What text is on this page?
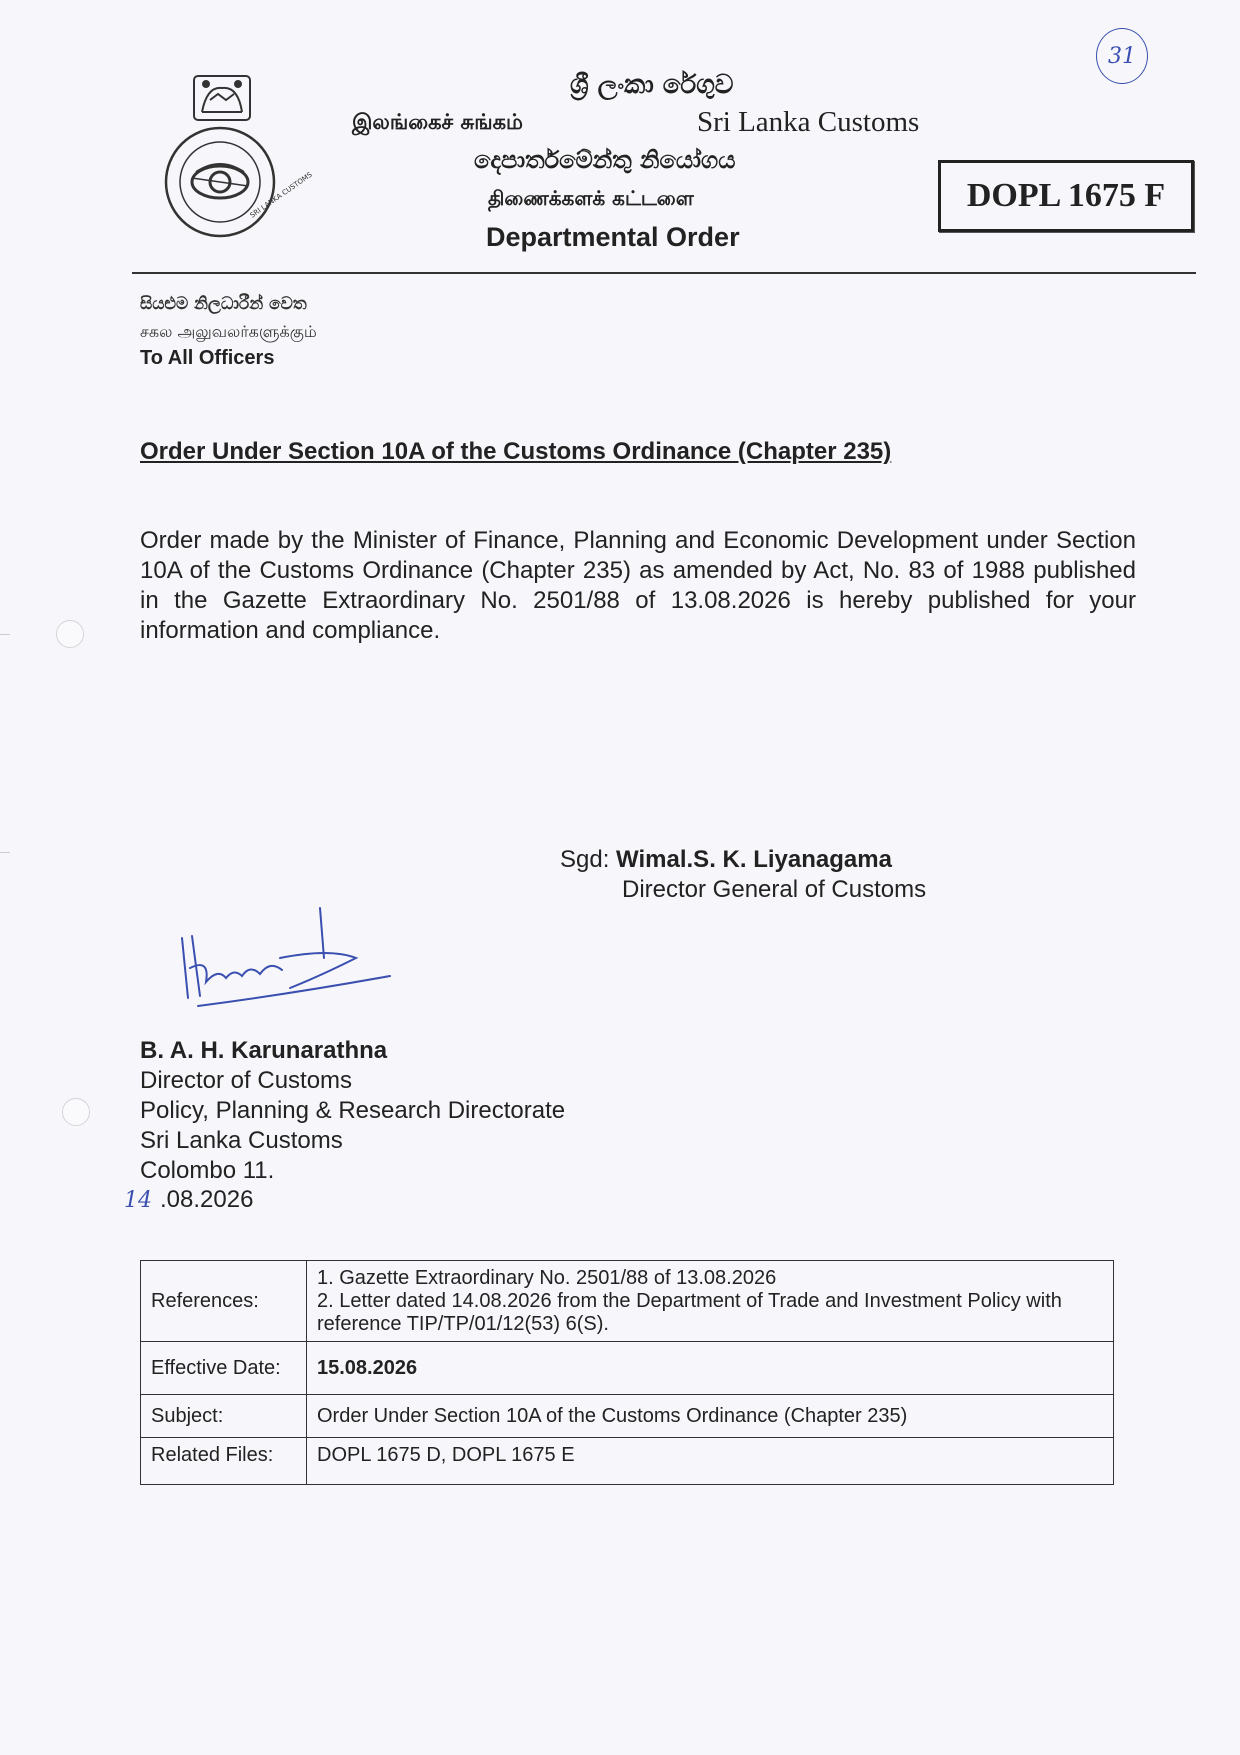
SRI LANKA CUSTOMS
ශ්‍රී ලංකා රේගුව
இலங்கைச் சுங்கம்	Sri Lanka Customs
දෙපාර්තමේන්තු නියෝගය
திணைக்களக் கட்டளை
Departmental Order
DOPL 1675 F
31
සියළුම නිලධාරීන් වෙත
சகல அலுவலர்களுக்கும்
To All Officers
Order Under Section 10A of the Customs Ordinance (Chapter 235)
Order made by the Minister of Finance, Planning and Economic Development under Section 10A of the Customs Ordinance (Chapter 235) as amended by Act, No. 83 of 1988 published in the Gazette Extraordinary No. 2501/88 of 13.08.2026 is hereby published for your information and compliance.
Sgd: Wimal.S. K. Liyanagama
Director General of Customs
B. A. H. Karunarathna
Director of Customs
Policy, Planning & Research Directorate
Sri Lanka Customs
Colombo 11.
14 .08.2026
References:	1. Gazette Extraordinary No. 2501/88 of 13.08.2026
2. Letter dated 14.08.2026 from the Department of Trade and Investment Policy with reference TIP/TP/01/12(53) 6(S).

Effective Date:	15.08.2026
Subject:	Order Under Section 10A of the Customs Ordinance (Chapter 235)
Related Files:	DOPL 1675 D, DOPL 1675 E
